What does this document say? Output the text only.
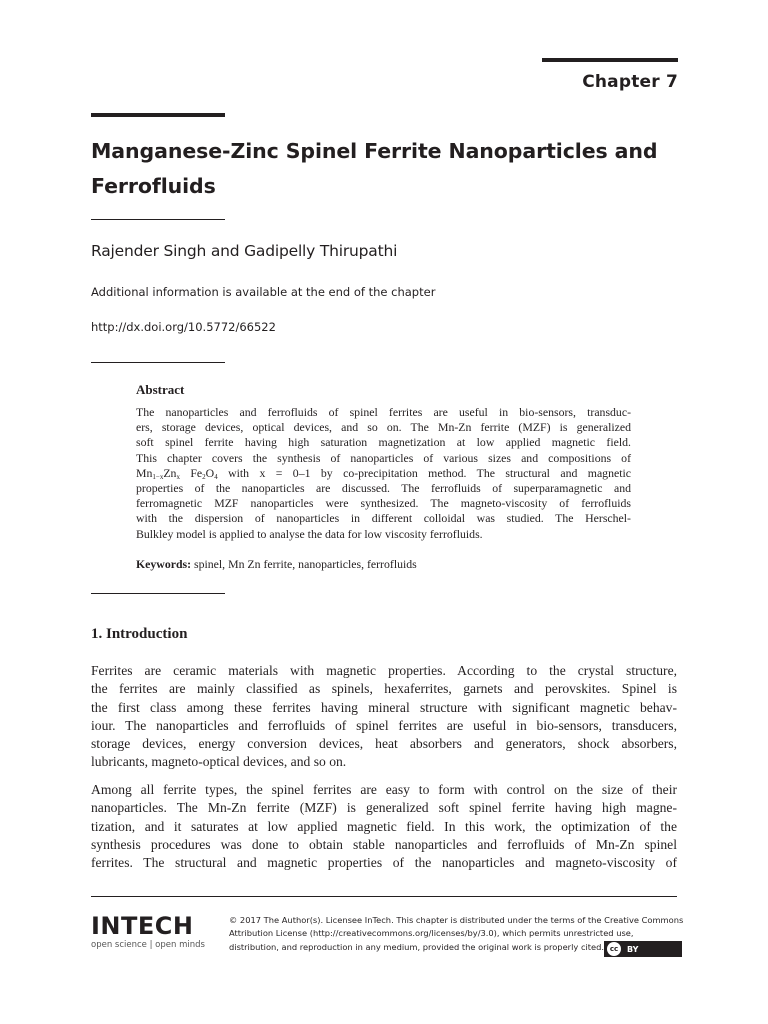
Chapter 7
Manganese-Zinc Spinel Ferrite Nanoparticles and
Ferrofluids
Rajender Singh and Gadipelly Thirupathi
Additional information is available at the end of the chapter
http://dx.doi.org/10.5772/66522
Abstract
The nanoparticles and ferrofluids of spinel ferrites are useful in bio-sensors, transduc-
ers, storage devices, optical devices, and so on. The Mn-Zn ferrite (MZF) is generalized
soft spinel ferrite having high saturation magnetization at low applied magnetic field.
This chapter covers the synthesis of nanoparticles of various sizes and compositions of
$Mn_{1-x}Zn_x$ $Fe_2O_4$ with x = 0–1 by co-precipitation method. The structural and magnetic
properties of the nanoparticles are discussed. The ferrofluids of superparamagnetic and
ferromagnetic MZF nanoparticles were synthesized. The magneto-viscosity of ferrofluids
with the dispersion of nanoparticles in different colloidal was studied. The Herschel-
Bulkley model is applied to analyse the data for low viscosity ferrofluids.
Keywords: spinel, Mn Zn ferrite, nanoparticles, ferrofluids
1. Introduction
Ferrites are ceramic materials with magnetic properties. According to the crystal structure,
the ferrites are mainly classified as spinels, hexaferrites, garnets and perovskites. Spinel is
the first class among these ferrites having mineral structure with significant magnetic behav-
iour. The nanoparticles and ferrofluids of spinel ferrites are useful in bio-sensors, transducers,
storage devices, energy conversion devices, heat absorbers and generators, shock absorbers,
lubricants, magneto-optical devices, and so on.
Among all ferrite types, the spinel ferrites are easy to form with control on the size of their
nanoparticles. The Mn-Zn ferrite (MZF) is generalized soft spinel ferrite having high magne-
tization, and it saturates at low applied magnetic field. In this work, the optimization of the
synthesis procedures was done to obtain stable nanoparticles and ferrofluids of Mn-Zn spinel
ferrites. The structural and magnetic properties of the nanoparticles and magneto-viscosity of
INTECH
open science | open minds
© 2017 The Author(s). Licensee InTech. This chapter is distributed under the terms of the Creative Commons
Attribution License (http://creativecommons.org/licenses/by/3.0), which permits unrestricted use,
distribution, and reproduction in any medium, provided the original work is properly cited. cc	BY
